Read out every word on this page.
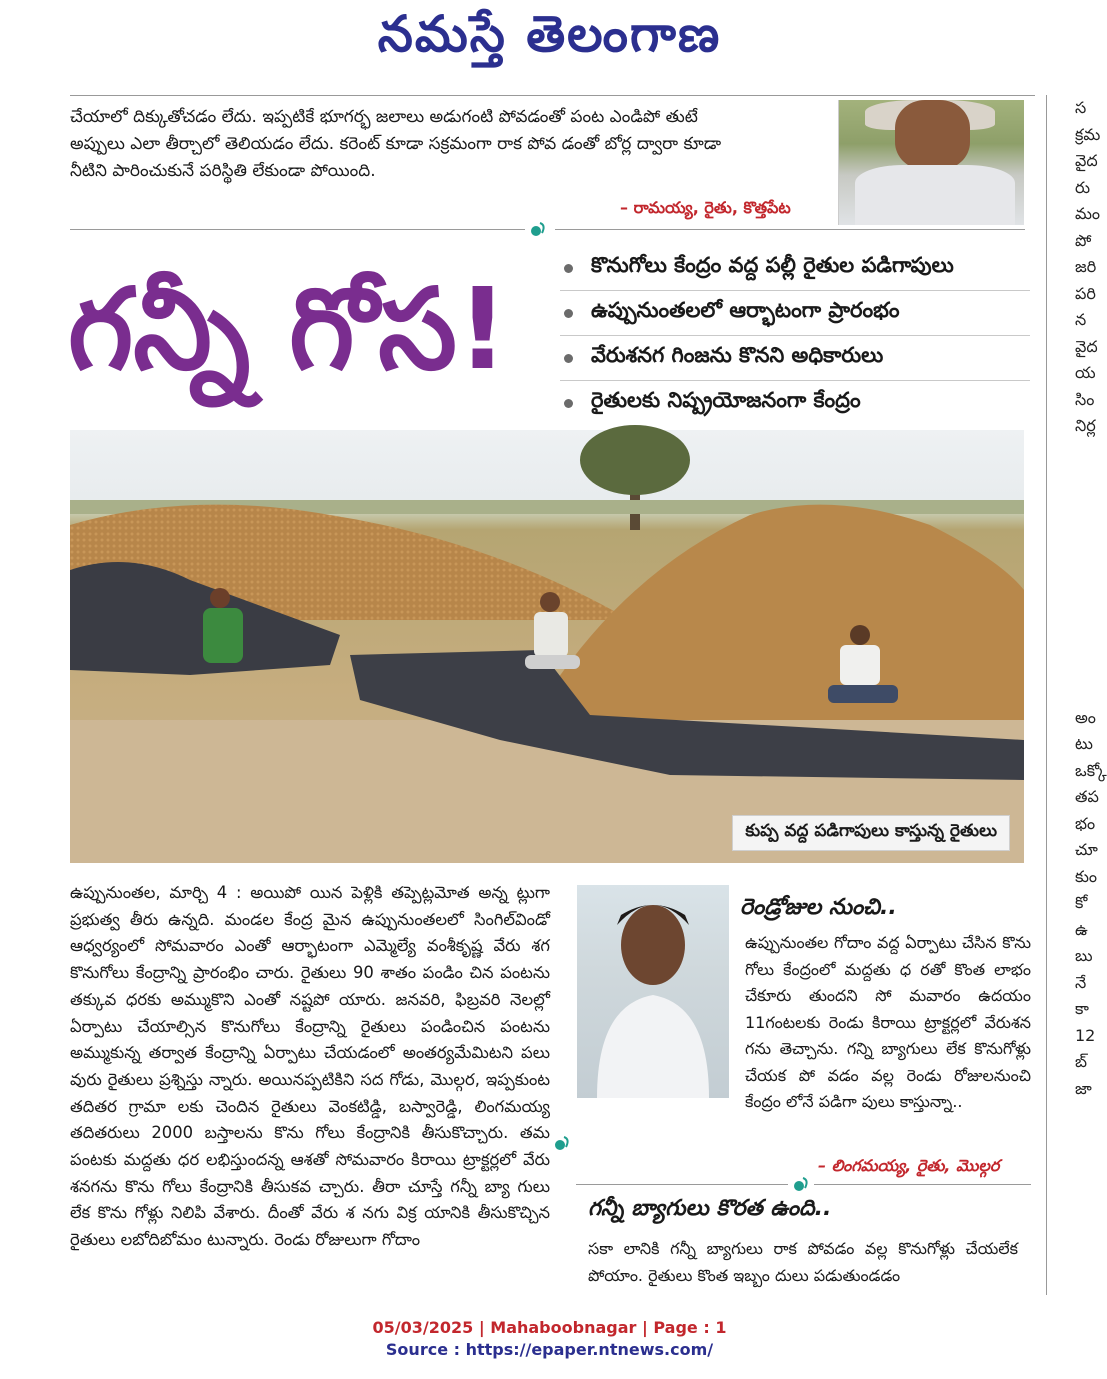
నమస్తే తెలంగాణ

చేయాలో దిక్కుతోచడం లేదు. ఇప్పటికే భూగర్భ జలాలు అడుగంటి పోవడంతో పంట ఎండిపో తుటే

అప్పులు ఎలా తీర్చాలో తెలియడం లేదు. కరెంట్ కూడా సక్రమంగా రాక పోవ డంతో బోర్ల ద్వారా కూడా

నీటిని పారించుకునే పరిస్థితి లేకుండా పోయింది.

– రామయ్య, రైతు, కొత్తపేట
గన్నీ గోస!	కొనుగోలు కేంద్రం వద్ద పల్లీ రైతుల పడిగాపులు
ఉప్పునుంతలలో ఆర్భాటంగా ప్రారంభం
వేరుశనగ గింజను కొనని అధికారులు
రైతులకు నిష్ప్రయోజనంగా కేంద్రం
కుప్ప వద్ద పడిగాపులు కాస్తున్న రైతులు

ఉప్పునుంతల, మార్చి 4 : అయిపో యిన పెళ్లికి తప్పెట్లమోత అన్న ట్లుగా ప్రభుత్వ తీరు ఉన్నది. మండల కేంద్ర మైన ఉప్పునుంతలలో సింగిల్‌విండో ఆధ్వర్యంలో సోమవారం ఎంతో ఆర్భాటంగా ఎమ్మెల్యే వంశీకృష్ణ వేరు శగ కొనుగోలు కేంద్రాన్ని ప్రారంభిం చారు. రైతులు 90 శాతం పండిం చిన పంటను తక్కువ ధరకు అమ్ముకొని ఎంతో నష్టపో యారు. జనవరి, ఫిబ్రవరి నెలల్లో ఏర్పాటు చేయాల్సిన కొనుగోలు కేంద్రాన్ని రైతులు పండించిన పంటను అమ్ముకున్న తర్వాత కేంద్రాన్ని ఏర్పాటు చేయడంలో అంతర్యమేమిటని పలు వురు రైతులు ప్రశ్నిస్తు న్నారు. అయినప్పటికిని సద గోడు, మొల్గర, ఇప్పకుంట తదితర గ్రామా లకు చెందిన రైతులు వెంకటిడ్డి, బస్వారెడ్డి, లింగమయ్య తదితరులు 2000 బస్తాలను కొను గోలు కేంద్రానికి తీసుకొచ్చారు. తమ పంటకు మద్దతు ధర లభిస్తుందన్న ఆశతో సోమవారం కిరాయి ట్రాక్టర్లలో వేరు శనగను కొను గోలు కేంద్రానికి తీసుకవ చ్చారు. తీరా చూస్తే గన్నీ బ్యా గులు లేక కొను గోళ్లు నిలిపి వేశారు. దీంతో వేరు శ నగు విక్ర యానికి తీసుకొచ్చిన రైతులు లబోదిబోమం టున్నారు. రెండు రోజులుగా గోదాం

రెండ్రోజుల నుంచి..
ఉప్పునుంతల గోదాం వద్ద ఏర్పాటు చేసిన కొను గోలు కేంద్రంలో మద్దతు ధ రతో కొంత లాభం చేకూరు తుందని సో మవారం ఉదయం 11గంటలకు రెండు కిరాయి ట్రాక్టర్లలో వేరుశన గను తెచ్చాను. గన్ని బ్యాగులు లేక కొనుగోళ్లు చేయక పో వడం వల్ల రెండు రోజులనుంచి కేంద్రం లోనే పడిగా పులు కాస్తున్నా..
– లింగమయ్య, రైతు, మొల్గర
గన్నీ బ్యాగులు కొరత ఉంది..
సకా లానికి గన్నీ బ్యాగులు రాక పోవడం వల్ల కొనుగోళ్లు చేయలేక పోయాం. రైతులు కొంత ఇబ్బం దులు పడుతుండడం
స
క్రమ
వైద
రు
మం
పో
జరి
పరి
న
వైద
య
సిం
నిర్ల

అం
టు
ఒక్కో
తప
భం
చూ
కుం
కో
ఉ
బు
నే
కా
12
బ్
జా
05/03/2025 | Mahaboobnagar | Page : 1
Source : https://epaper.ntnews.com/
